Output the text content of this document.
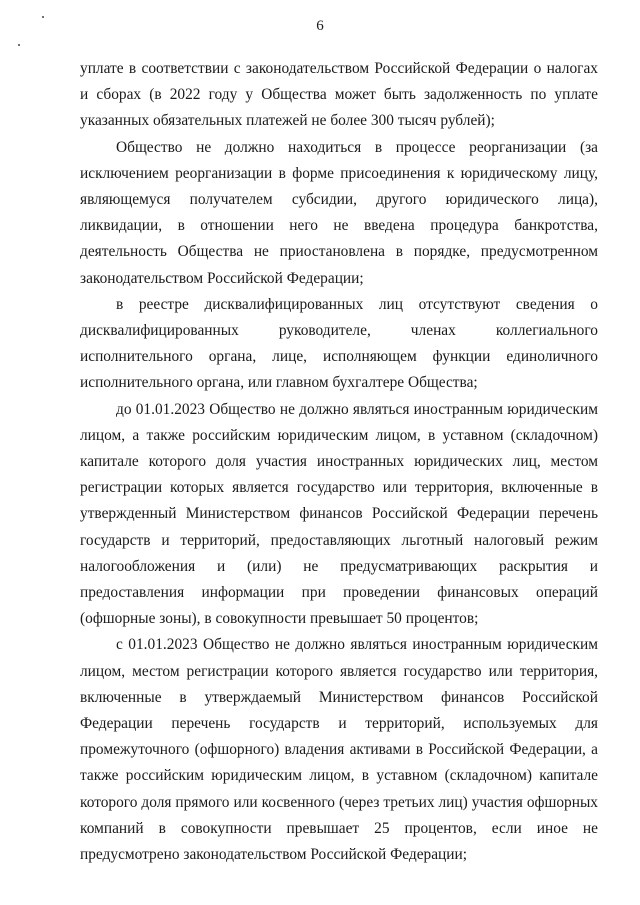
6

уплате в соответствии с законодательством Российской Федерации о налогах и сборах (в 2022 году у Общества может быть задолженность по уплате указанных обязательных платежей не более 300 тысяч рублей);

Общество не должно находиться в процессе реорганизации (за исключением реорганизации в форме присоединения к юридическому лицу, являющемуся получателем субсидии, другого юридического лица), ликвидации, в отношении него не введена процедура банкротства, деятельность Общества не приостановлена в порядке, предусмотренном законодательством Российской Федерации;

в реестре дисквалифицированных лиц отсутствуют сведения о дисквалифицированных руководителе, членах коллегиального исполнительного органа, лице, исполняющем функции единоличного исполнительного органа, или главном бухгалтере Общества;

до 01.01.2023 Общество не должно являться иностранным юридическим лицом, а также российским юридическим лицом, в уставном (складочном) капитале которого доля участия иностранных юридических лиц, местом регистрации которых является государство или территория, включенные в утвержденный Министерством финансов Российской Федерации перечень государств и территорий, предоставляющих льготный налоговый режим налогообложения и (или) не предусматривающих раскрытия и предоставления информации при проведении финансовых операций (офшорные зоны), в совокупности превышает 50 процентов;

с 01.01.2023 Общество не должно являться иностранным юридическим лицом, местом регистрации которого является государство или территория, включенные в утверждаемый Министерством финансов Российской Федерации перечень государств и территорий, используемых для промежуточного (офшорного) владения активами в Российской Федерации, а также российским юридическим лицом, в уставном (складочном) капитале которого доля прямого или косвенного (через третьих лиц) участия офшорных компаний в совокупности превышает 25 процентов, если иное не предусмотрено законодательством Российской Федерации;
